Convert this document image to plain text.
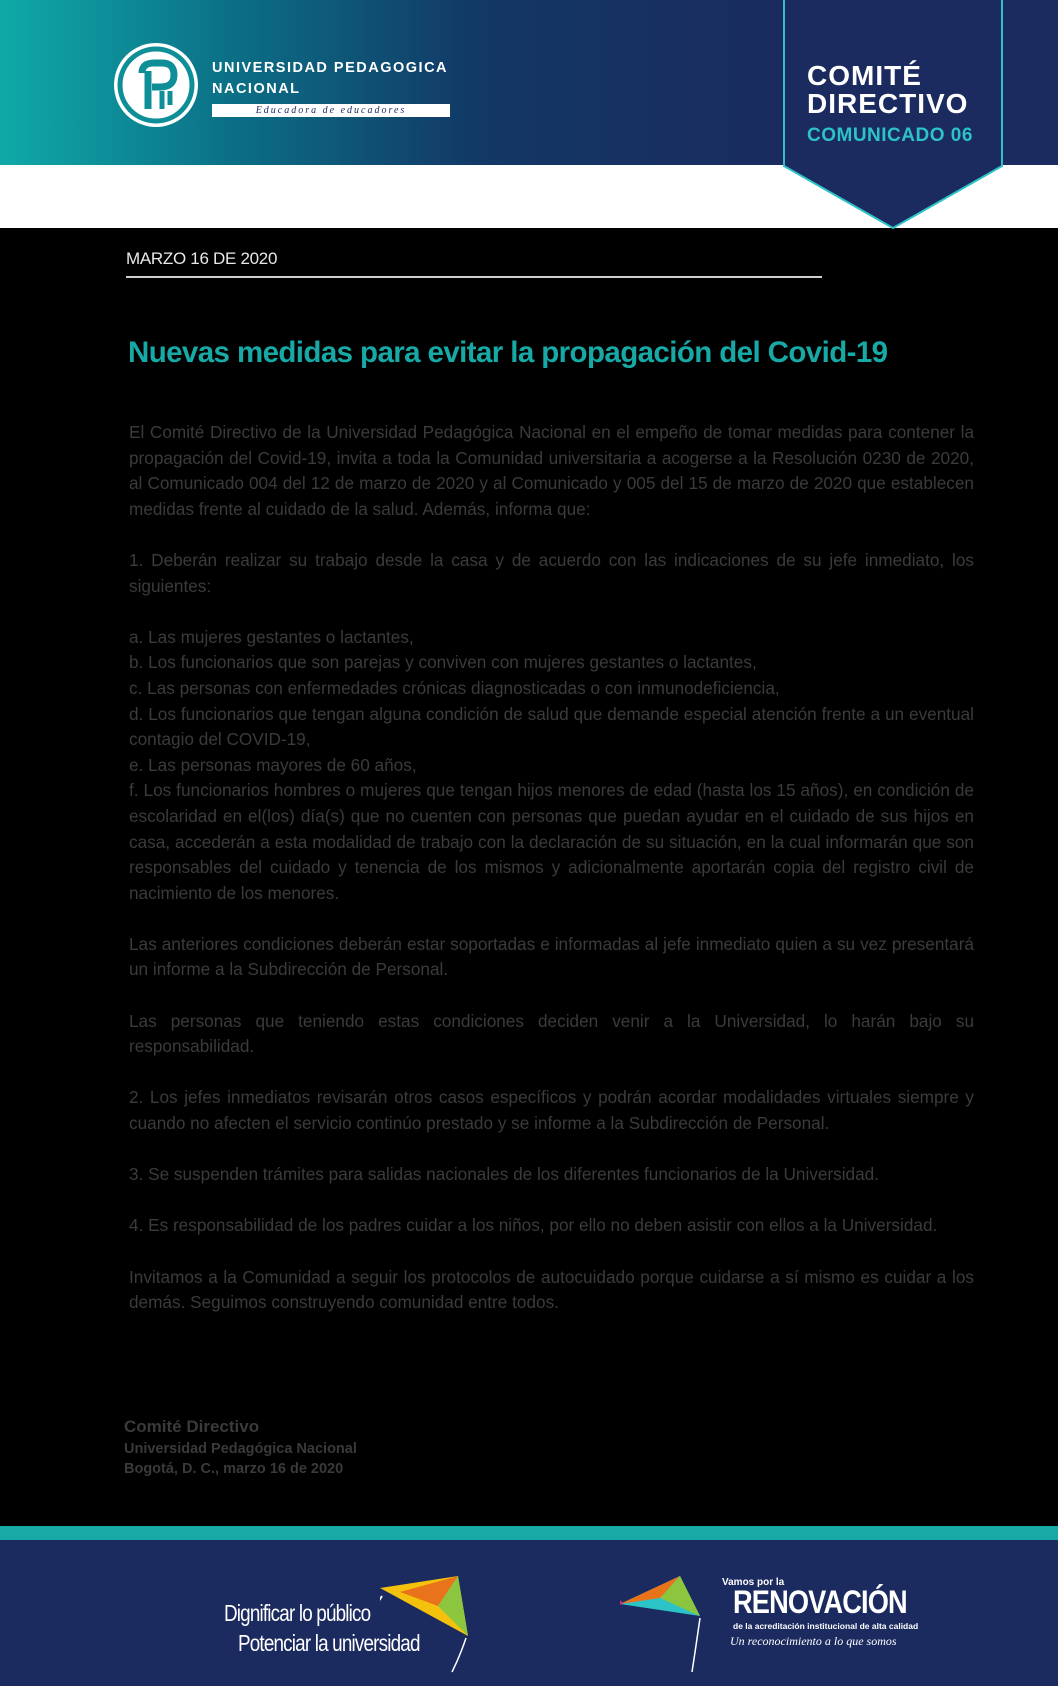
UNIVERSIDAD PEDAGOGICA
NACIONAL
Educadora de educadores
COMITÉ
DIRECTIVO
COMUNICADO 06
MARZO 16 DE 2020
Nuevas medidas para evitar la propagación del Covid-19

El Comité Directivo de la Universidad Pedagógica Nacional en el empeño de tomar medidas para contener la propagación del Covid-19, invita a toda la Comunidad universitaria a acogerse a la Resolución 0230 de 2020, al Comunicado 004 del 12 de marzo de 2020 y al Comunicado y 005 del 15 de marzo de 2020 que establecen medidas frente al cuidado de la salud. Además, informa que:

1. Deberán realizar su trabajo desde la casa y de acuerdo con las indicaciones de su jefe inmediato, los siguientes:

a. Las mujeres gestantes o lactantes,

b. Los funcionarios que son parejas y conviven con mujeres gestantes o lactantes,

c. Las personas con enfermedades crónicas diagnosticadas o con inmunodeficiencia,

d. Los funcionarios que tengan alguna condición de salud que demande especial atención frente a un eventual contagio del COVID-19,

e. Las personas mayores de 60 años,

f. Los funcionarios hombres o mujeres que tengan hijos menores de edad (hasta los 15 años), en condición de escolaridad en el(los) día(s) que no cuenten con personas que puedan ayudar en el cuidado de sus hijos en casa, accederán a esta modalidad de trabajo con la declaración de su situación, en la cual informarán que son responsables del cuidado y tenencia de los mismos y adicionalmente aportarán copia del registro civil de nacimiento de los menores.

Las anteriores condiciones deberán estar soportadas e informadas al jefe inmediato quien a su vez presentará un informe a la Subdirección de Personal.

Las personas que teniendo estas condiciones deciden venir a la Universidad, lo harán bajo su responsabilidad.

2. Los jefes inmediatos revisarán otros casos específicos y podrán acordar modalidades virtuales siempre y cuando no afecten el servicio continúo prestado y se informe a la Subdirección de Personal.

3. Se suspenden trámites para salidas nacionales de los diferentes funcionarios de la Universidad.

4. Es responsabilidad de los padres cuidar a los niños, por ello no deben asistir con ellos a la Universidad.

Invitamos a la Comunidad a seguir los protocolos de autocuidado porque cuidarse a sí mismo es cuidar a los demás. Seguimos construyendo comunidad entre todos.

Comité Directivo
Universidad Pedagógica Nacional
Bogotá, D. C., marzo 16 de 2020
Dignificar lo público
Potenciar la universidad
Vamos por la
RENOVACIÓN
de la acreditación institucional de alta calidad
Un reconocimiento a lo que somos
